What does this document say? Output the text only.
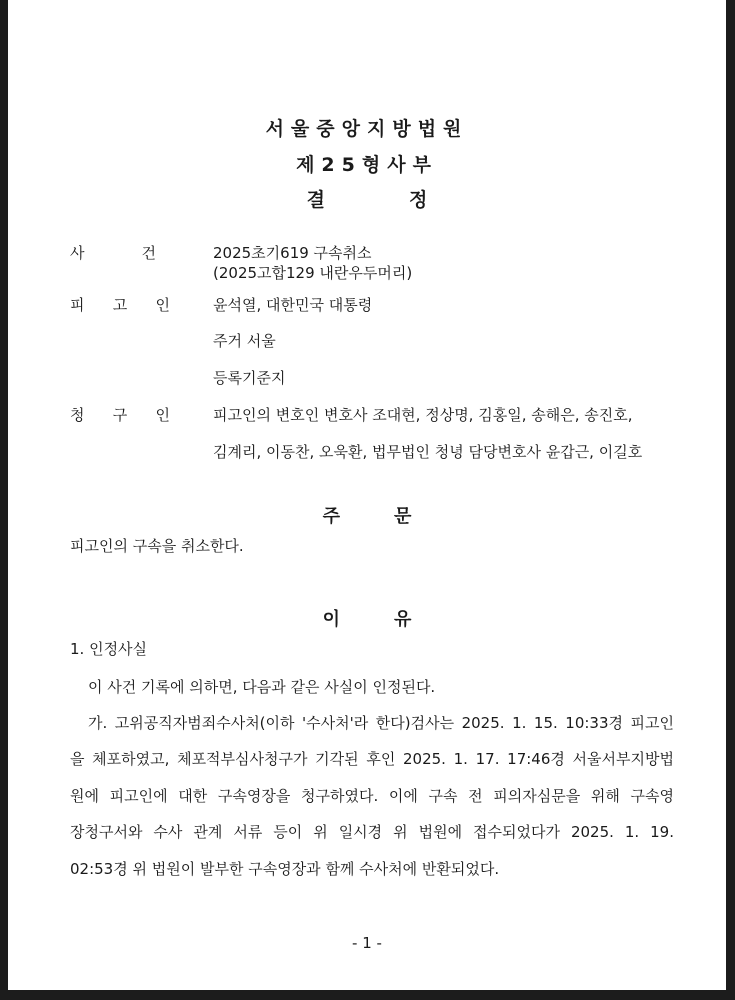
서울중앙지방법원
제25형사부
결정
사	건	2025초기619 구속취소
(2025고합129 내란우두머리)
피 고 인	윤석열, 대한민국 대통령
주거 서울
등록기준지
청 구 인	피고인의 변호인 변호사 조대현, 정상명, 김홍일, 송해은, 송진호,
김계리, 이동찬, 오욱환, 법무법인 청녕 담당변호사 윤갑근, 이길호
주문
피고인의 구속을 취소한다.
이유
1. 인정사실
이 사건 기록에 의하면, 다음과 같은 사실이 인정된다.
가. 고위공직자범죄수사처(이하 '수사처'라 한다)검사는 2025. 1. 15. 10:33경 피고인
을 체포하였고, 체포적부심사청구가 기각된 후인 2025. 1. 17. 17:46경 서울서부지방법
원에 피고인에 대한 구속영장을 청구하였다. 이에 구속 전 피의자심문을 위해 구속영
장청구서와 수사 관계 서류 등이 위 일시경 위 법원에 접수되었다가 2025. 1. 19.
02:53경 위 법원이 발부한 구속영장과 함께 수사처에 반환되었다.
- 1 -
